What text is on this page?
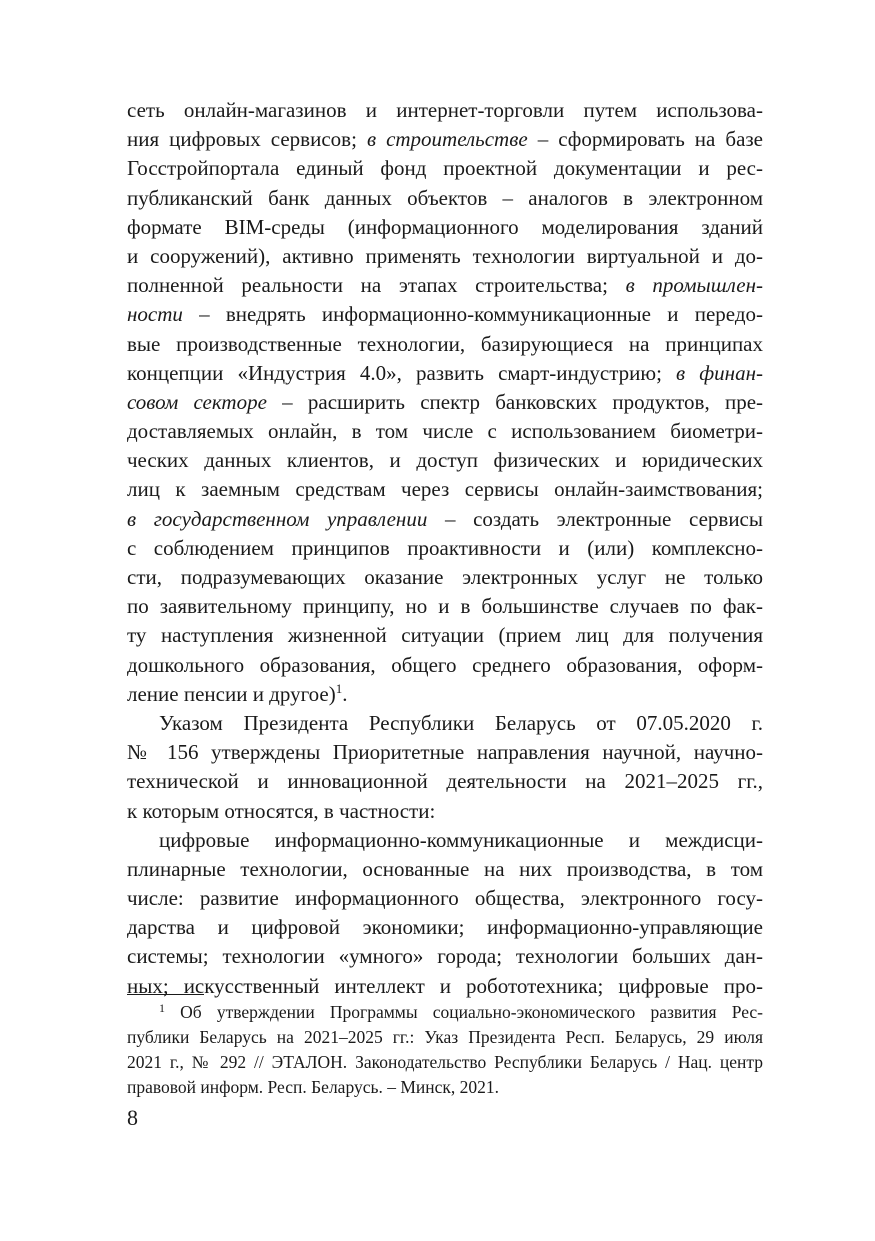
сеть онлайн-магазинов и интернет-торговли путем использова-
ния цифровых сервисов; в строительстве – сформировать на базе
Госстройпортала единый фонд проектной документации и рес-
публиканский банк данных объектов – аналогов в электронном
формате BIM-среды (информационного моделирования зданий
и сооружений), активно применять технологии виртуальной и до-
полненной реальности на этапах строительства; в промышлен-
ности – внедрять информационно-коммуникационные и передо-
вые производственные технологии, базирующиеся на принципах
концепции «Индустрия 4.0», развить смарт-индустрию; в финан-
совом секторе – расширить спектр банковских продуктов, пре-
доставляемых онлайн, в том числе с использованием биометри-
ческих данных клиентов, и доступ физических и юридических
лиц к заемным средствам через сервисы онлайн-заимствования;
в государственном управлении – создать электронные сервисы
с соблюдением принципов проактивности и (или) комплексно-
сти, подразумевающих оказание электронных услуг не только
по заявительному принципу, но и в большинстве случаев по фак-
ту наступления жизненной ситуации (прием лиц для получения
дошкольного образования, общего среднего образования, оформ-
ление пенсии и другое)$^1$.
Указом Президента Республики Беларусь от 07.05.2020 г.
№ 156 утверждены Приоритетные направления научной, научно-
технической и инновационной деятельности на 2021–2025 гг.,
к которым относятся, в частности:
цифровые информационно-коммуникационные и междисци-
плинарные технологии, основанные на них производства, в том
числе: развитие информационного общества, электронного госу-
дарства и цифровой экономики; информационно-управляющие
системы; технологии «умного» города; технологии больших дан-
ных; искусственный интеллект и робототехника; цифровые про-
$^1$ Об утверждении Программы социально-экономического развития Рес-
публики Беларусь на 2021–2025 гг.: Указ Президента Респ. Беларусь, 29 июля
2021 г., № 292 // ЭТАЛОН. Законодательство Республики Беларусь / Нац. центр
правовой информ. Респ. Беларусь. – Минск, 2021.
8
